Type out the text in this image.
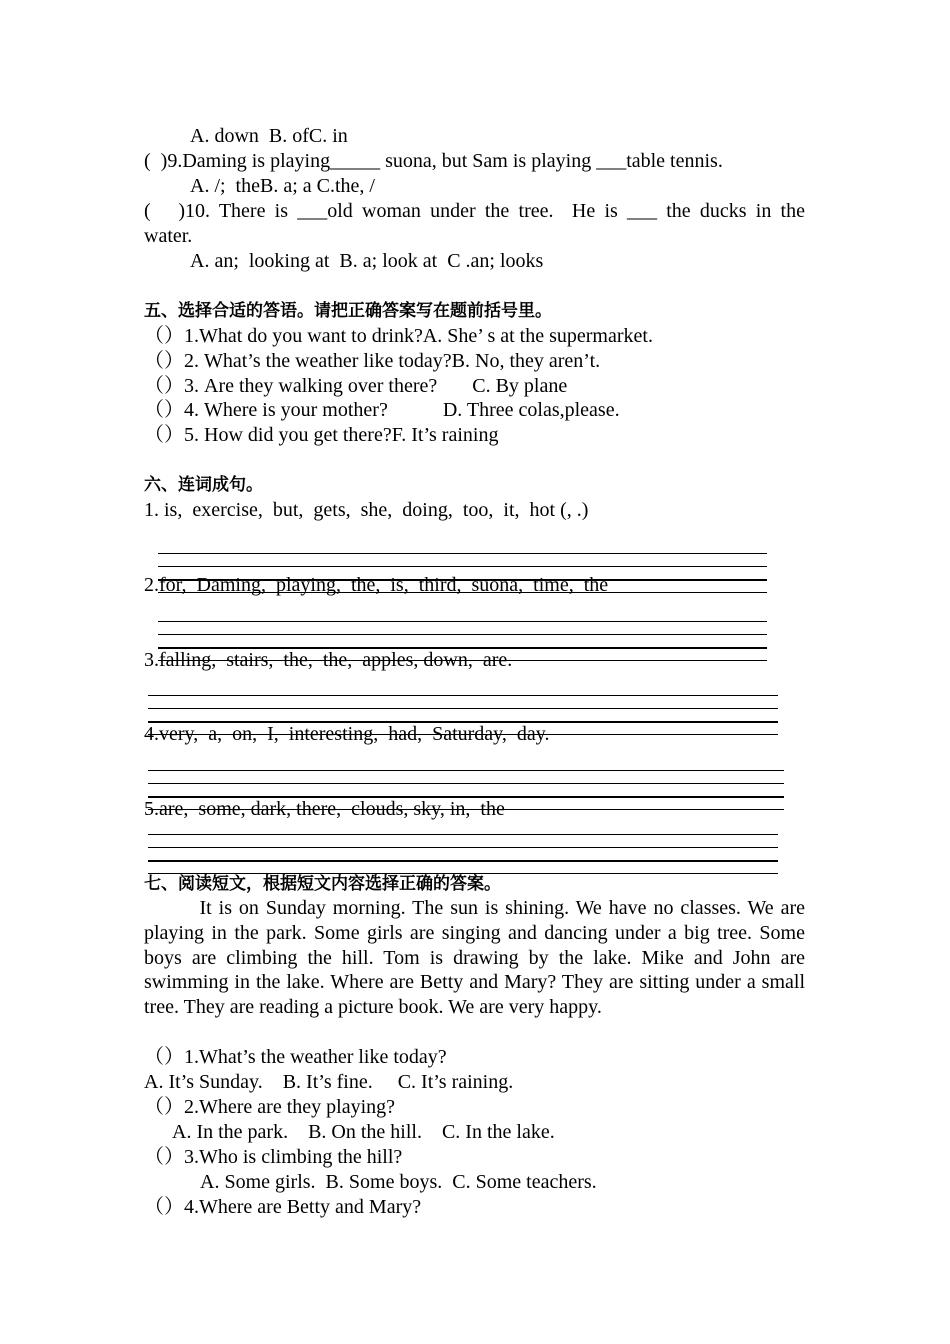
A. down  B. ofC. in
(  )9.Daming is playing_____ suona, but Sam is playing ___table tennis.
A. /;  theB. a; a C.the, /
(   )10. There is ___old woman under the tree.  He is ___ the ducks in the
water.
A. an;  looking at  B. a; look at  C .an; looks
五、选择合适的答语。请把正确答案写在题前括号里。
（）1.What do you want to drink?A. She’ s at the supermarket.
（）2. What’s the weather like today?B. No, they aren’t.
（）3. Are they walking over there?       C. By plane
（）4. Where is your mother?           D. Three colas,please.
（）5. How did you get there?F. It’s raining
六、连词成句。
1. is,  exercise,  but,  gets,  she,  doing,  too,  it,  hot (, .)
2.for,  Daming,  playing,  the,  is,  third,  suona,  time,  the
3.falling,  stairs,  the,  the,  apples, down,  are.
4.very,  a,  on,  I,  interesting,  had,  Saturday,  day.
5.are,  some, dark, there,  clouds, sky, in,  the
七、阅读短文，根据短文内容选择正确的答案。
It is on Sunday morning. The sun is shining. We have no classes. We are playing in the park. Some girls are singing and dancing under a big tree. Some boys are climbing the hill. Tom is drawing by the lake. Mike and John are swimming in the lake. Where are Betty and Mary? They are sitting under a small tree. They are reading a picture book. We are very happy.
（）1.What’s the weather like today?
A. It’s Sunday.    B. It’s fine.     C. It’s raining.
（）2.Where are they playing?
A. In the park.    B. On the hill.    C. In the lake.
（）3.Who is climbing the hill?
A. Some girls.  B. Some boys.  C. Some teachers.
（）4.Where are Betty and Mary?
